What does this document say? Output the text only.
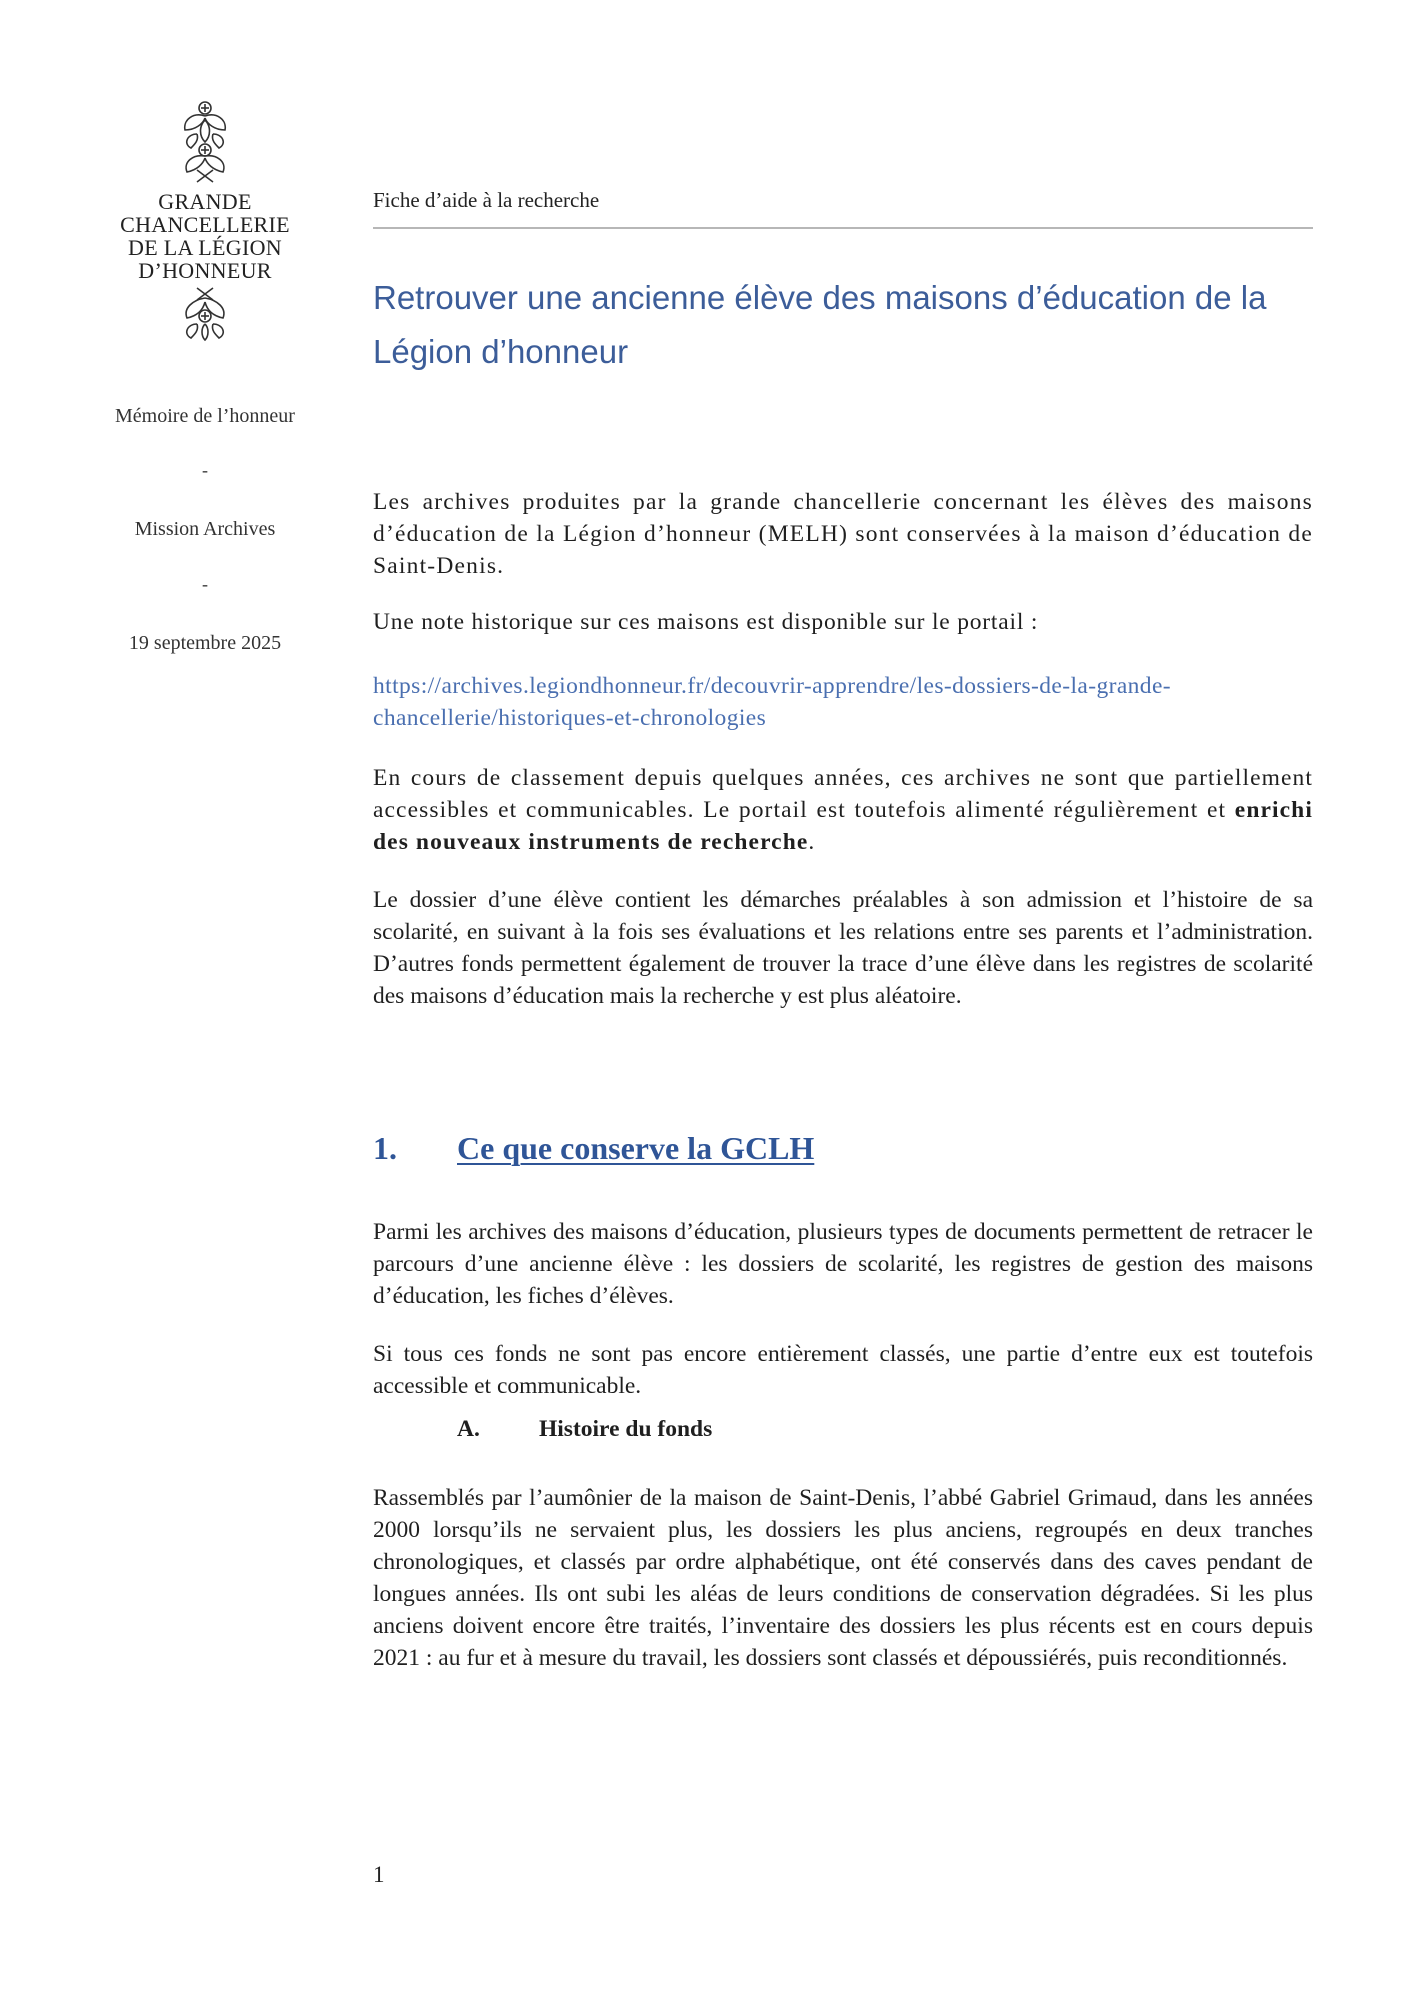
GRANDE
CHANCELLERIE
DE LA LÉGION
D’HONNEUR
Mémoire de l’honneur
-
Mission Archives
-
19 septembre 2025
Fiche d’aide à la recherche
Retrouver une ancienne élève des maisons d’éducation de la Légion d’honneur

Les archives produites par la grande chancellerie concernant les élèves des maisons d’éducation de la Légion d’honneur (MELH) sont conservées à la maison d’éducation de Saint-Denis.

Une note historique sur ces maisons est disponible sur le portail :

https://archives.legiondhonneur.fr/decouvrir-apprendre/les-dossiers-de-la-grande-chancellerie/historiques-et-chronologies

En cours de classement depuis quelques années, ces archives ne sont que partiellement accessibles et communicables. Le portail est toutefois alimenté régulièrement et enrichi des nouveaux instruments de recherche.

Le dossier d’une élève contient les démarches préalables à son admission et l’histoire de sa scolarité, en suivant à la fois ses évaluations et les relations entre ses parents et l’administration. D’autres fonds permettent également de trouver la trace d’une élève dans les registres de scolarité des maisons d’éducation mais la recherche y est plus aléatoire.

1. Ce que conserve la GCLH

Parmi les archives des maisons d’éducation, plusieurs types de documents permettent de retracer le parcours d’une ancienne élève : les dossiers de scolarité, les registres de gestion des maisons d’éducation, les fiches d’élèves.

Si tous ces fonds ne sont pas encore entièrement classés, une partie d’entre eux est toutefois accessible et communicable.

A.	Histoire du fonds

Rassemblés par l’aumônier de la maison de Saint-Denis, l’abbé Gabriel Grimaud, dans les années 2000 lorsqu’ils ne servaient plus, les dossiers les plus anciens, regroupés en deux tranches chronologiques, et classés par ordre alphabétique, ont été conservés dans des caves pendant de longues années. Ils ont subi les aléas de leurs conditions de conservation dégradées. Si les plus anciens doivent encore être traités, l’inventaire des dossiers les plus récents est en cours depuis 2021 : au fur et à mesure du travail, les dossiers sont classés et dépoussiérés, puis reconditionnés.

1
